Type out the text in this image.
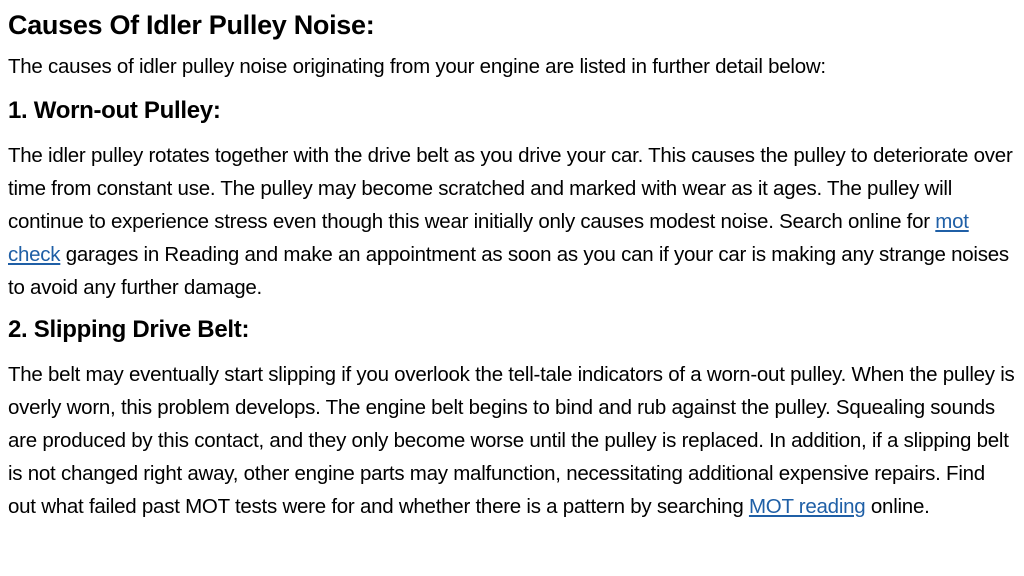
Causes Of Idler Pulley Noise:

The causes of idler pulley noise originating from your engine are listed in further detail below:

1. Worn-out Pulley:

The idler pulley rotates together with the drive belt as you drive your car. This causes the pulley to deteriorate over time from constant use. The pulley may become scratched and marked with wear as it ages. The pulley will continue to experience stress even though this wear initially only causes modest noise. Search online for mot check garages in Reading and make an appointment as soon as you can if your car is making any strange noises to avoid any further damage.

2. Slipping Drive Belt:

The belt may eventually start slipping if you overlook the tell-tale indicators of a worn-out pulley. When the pulley is overly worn, this problem develops. The engine belt begins to bind and rub against the pulley. Squealing sounds are produced by this contact, and they only become worse until the pulley is replaced. In addition, if a slipping belt is not changed right away, other engine parts may malfunction, necessitating additional expensive repairs. Find out what failed past MOT tests were for and whether there is a pattern by searching MOT reading online.
